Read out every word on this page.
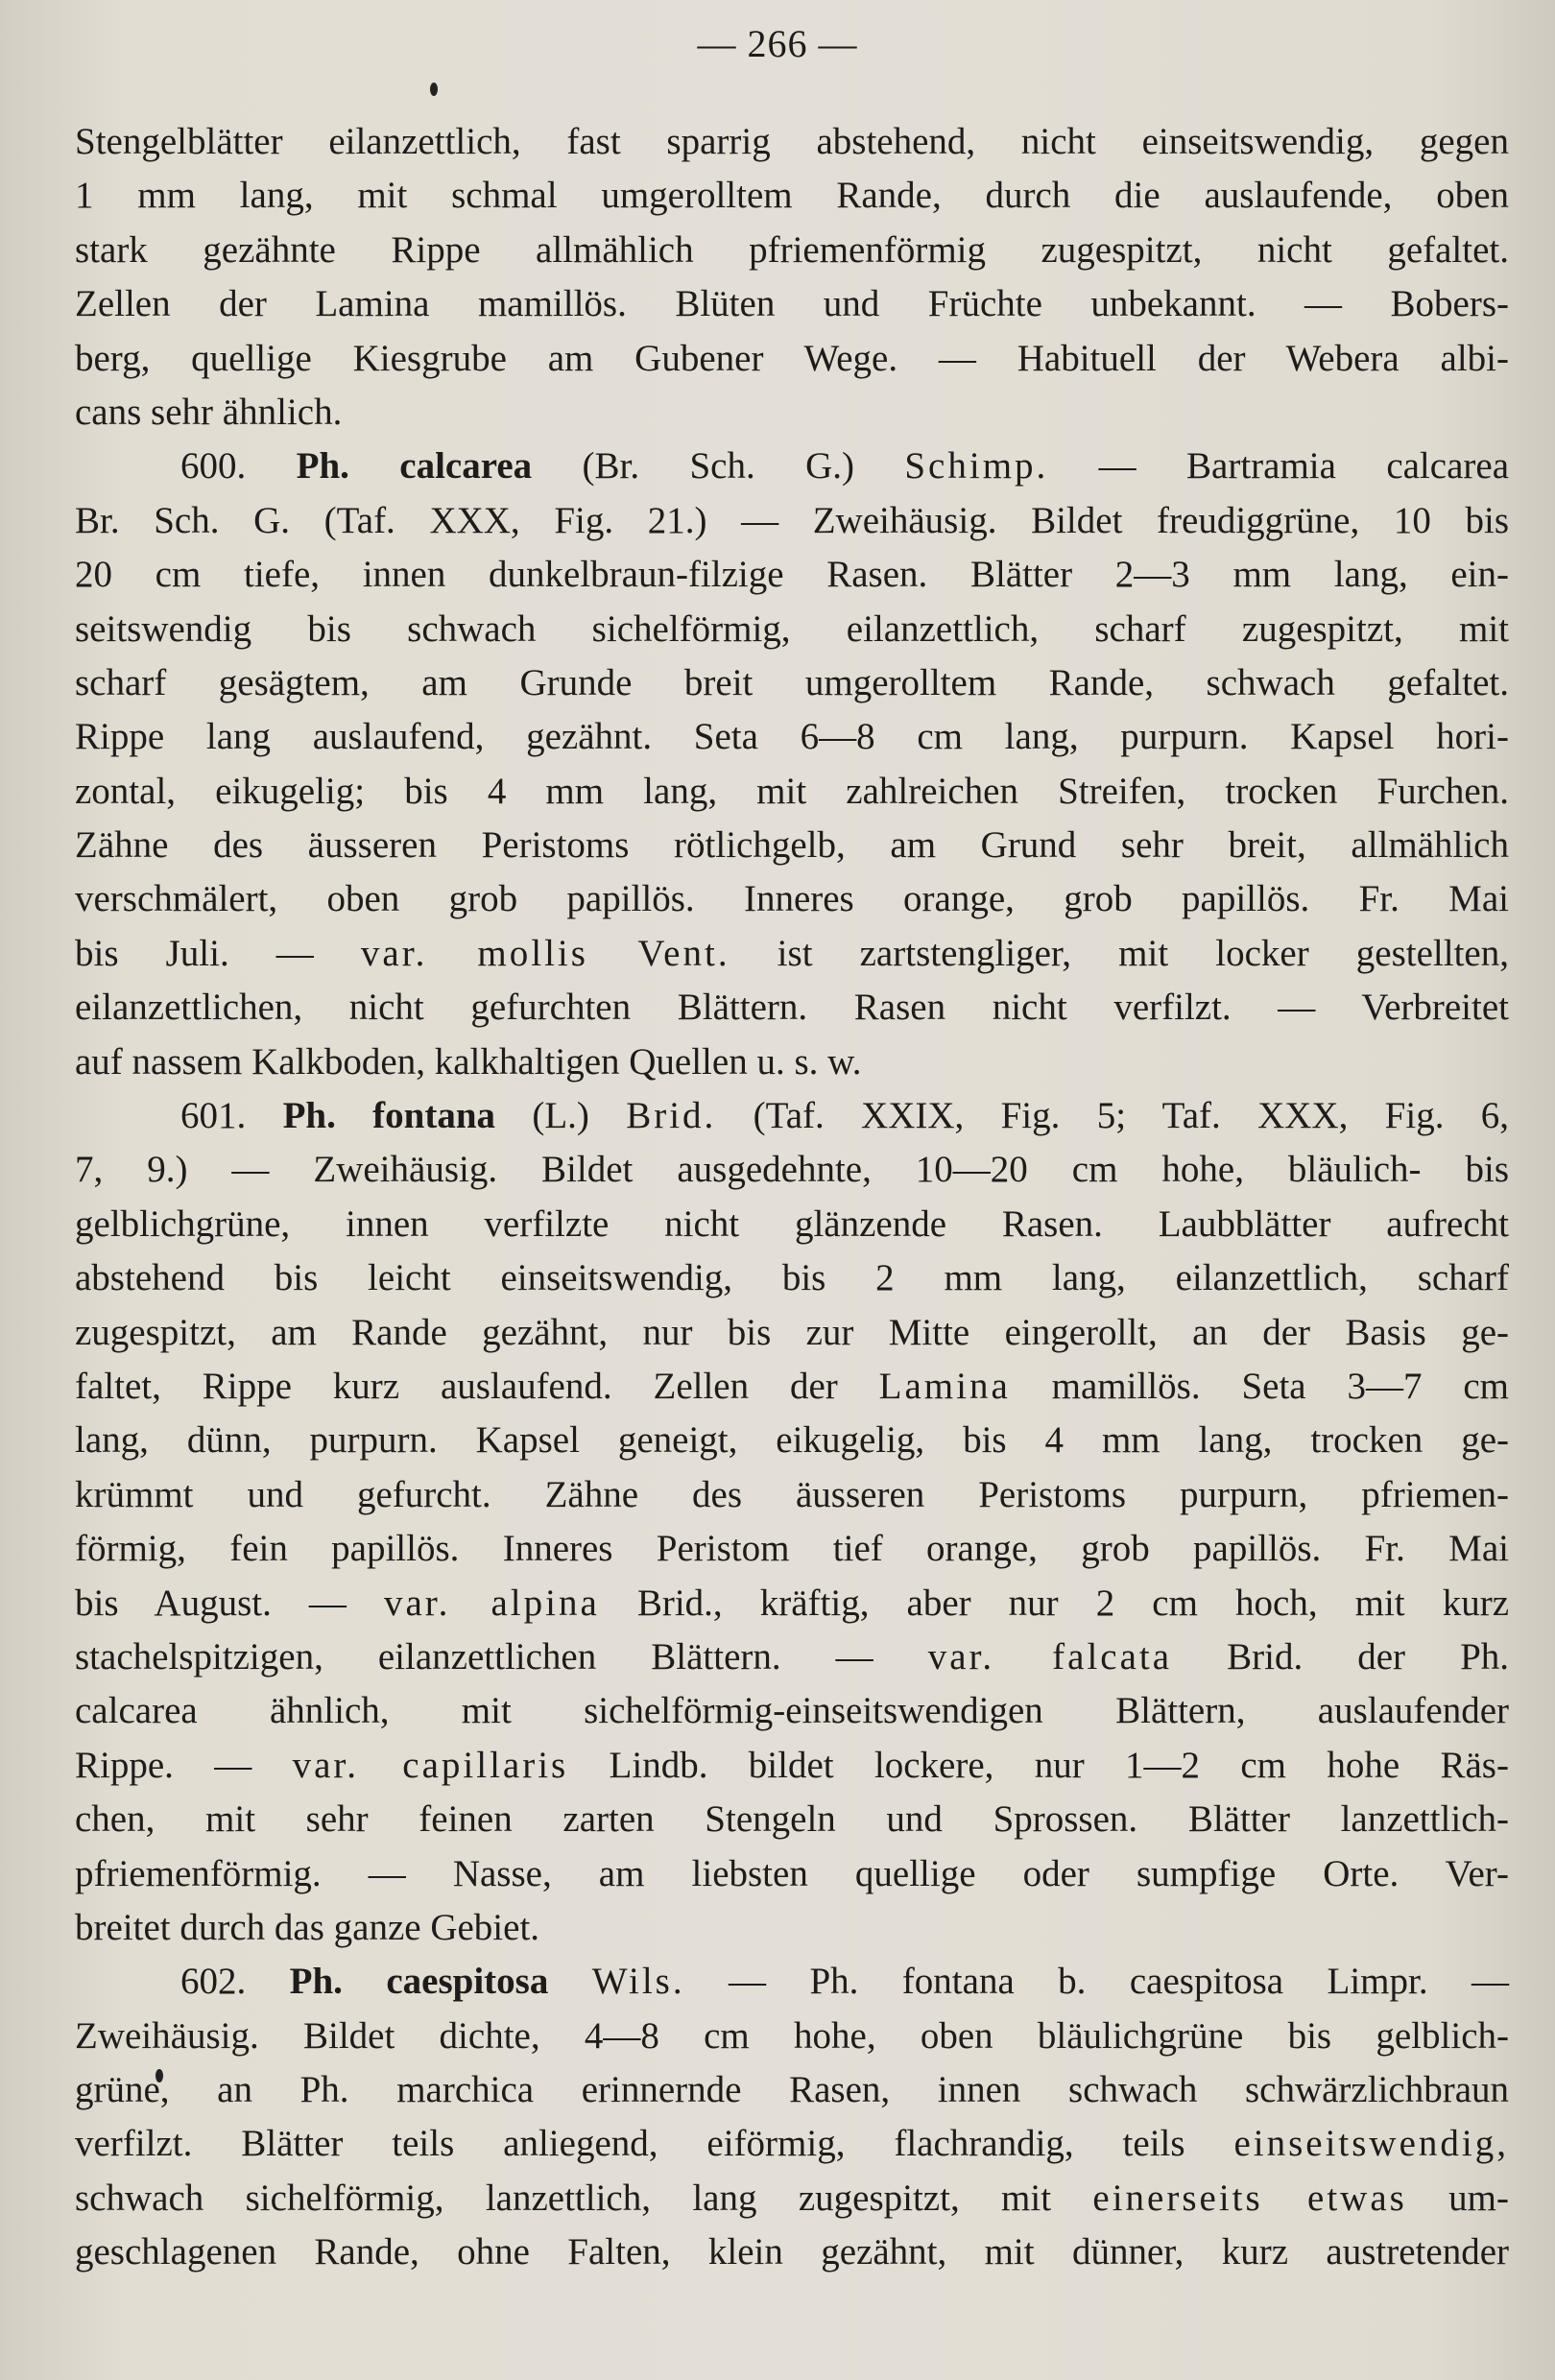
— 266 —
Stengelblätter eilanzettlich, fast sparrig abstehend, nicht einseitswendig, gegen
1 mm lang, mit schmal umgerolltem Rande, durch die auslaufende, oben
stark gezähnte Rippe allmählich pfriemenförmig zugespitzt, nicht gefaltet.
Zellen der Lamina mamillös. Blüten und Früchte unbekannt. — Bobers-
berg, quellige Kiesgrube am Gubener Wege. — Habituell der Webera albi-
cans sehr ähnlich.
600. Ph. calcarea (Br. Sch. G.) Schimp. — Bartramia calcarea
Br. Sch. G. (Taf. XXX, Fig. 21.) — Zweihäusig. Bildet freudiggrüne, 10 bis
20 cm tiefe, innen dunkelbraun-filzige Rasen. Blätter 2—3 mm lang, ein-
seitswendig bis schwach sichelförmig, eilanzettlich, scharf zugespitzt, mit
scharf gesägtem, am Grunde breit umgerolltem Rande, schwach gefaltet.
Rippe lang auslaufend, gezähnt. Seta 6—8 cm lang, purpurn. Kapsel hori-
zontal, eikugelig; bis 4 mm lang, mit zahlreichen Streifen, trocken Furchen.
Zähne des äusseren Peristoms rötlichgelb, am Grund sehr breit, allmählich
verschmälert, oben grob papillös. Inneres orange, grob papillös. Fr. Mai
bis Juli. — var. mollis Vent. ist zartstengliger, mit locker gestellten,
eilanzettlichen, nicht gefurchten Blättern. Rasen nicht verfilzt. — Verbreitet
auf nassem Kalkboden, kalkhaltigen Quellen u. s. w.
601. Ph. fontana (L.) Brid. (Taf. XXIX, Fig. 5; Taf. XXX, Fig. 6,
7, 9.) — Zweihäusig. Bildet ausgedehnte, 10—20 cm hohe, bläulich- bis
gelblichgrüne, innen verfilzte nicht glänzende Rasen. Laubblätter aufrecht
abstehend bis leicht einseitswendig, bis 2 mm lang, eilanzettlich, scharf
zugespitzt, am Rande gezähnt, nur bis zur Mitte eingerollt, an der Basis ge-
faltet, Rippe kurz auslaufend. Zellen der Lamina mamillös. Seta 3—7 cm
lang, dünn, purpurn. Kapsel geneigt, eikugelig, bis 4 mm lang, trocken ge-
krümmt und gefurcht. Zähne des äusseren Peristoms purpurn, pfriemen-
förmig, fein papillös. Inneres Peristom tief orange, grob papillös. Fr. Mai
bis August. — var. alpina Brid., kräftig, aber nur 2 cm hoch, mit kurz
stachelspitzigen, eilanzettlichen Blättern. — var. falcata Brid. der Ph.
calcarea ähnlich, mit sichelförmig-einseitswendigen Blättern, auslaufender
Rippe. — var. capillaris Lindb. bildet lockere, nur 1—2 cm hohe Räs-
chen, mit sehr feinen zarten Stengeln und Sprossen. Blätter lanzettlich-
pfriemenförmig. — Nasse, am liebsten quellige oder sumpfige Orte. Ver-
breitet durch das ganze Gebiet.
602. Ph. caespitosa Wils. — Ph. fontana b. caespitosa Limpr. —
Zweihäusig. Bildet dichte, 4—8 cm hohe, oben bläulichgrüne bis gelblich-
grüne, an Ph. marchica erinnernde Rasen, innen schwach schwärzlichbraun
verfilzt. Blätter teils anliegend, eiförmig, flachrandig, teils einseitswendig,
schwach sichelförmig, lanzettlich, lang zugespitzt, mit einerseits etwas um-
geschlagenen Rande, ohne Falten, klein gezähnt, mit dünner, kurz austretender
